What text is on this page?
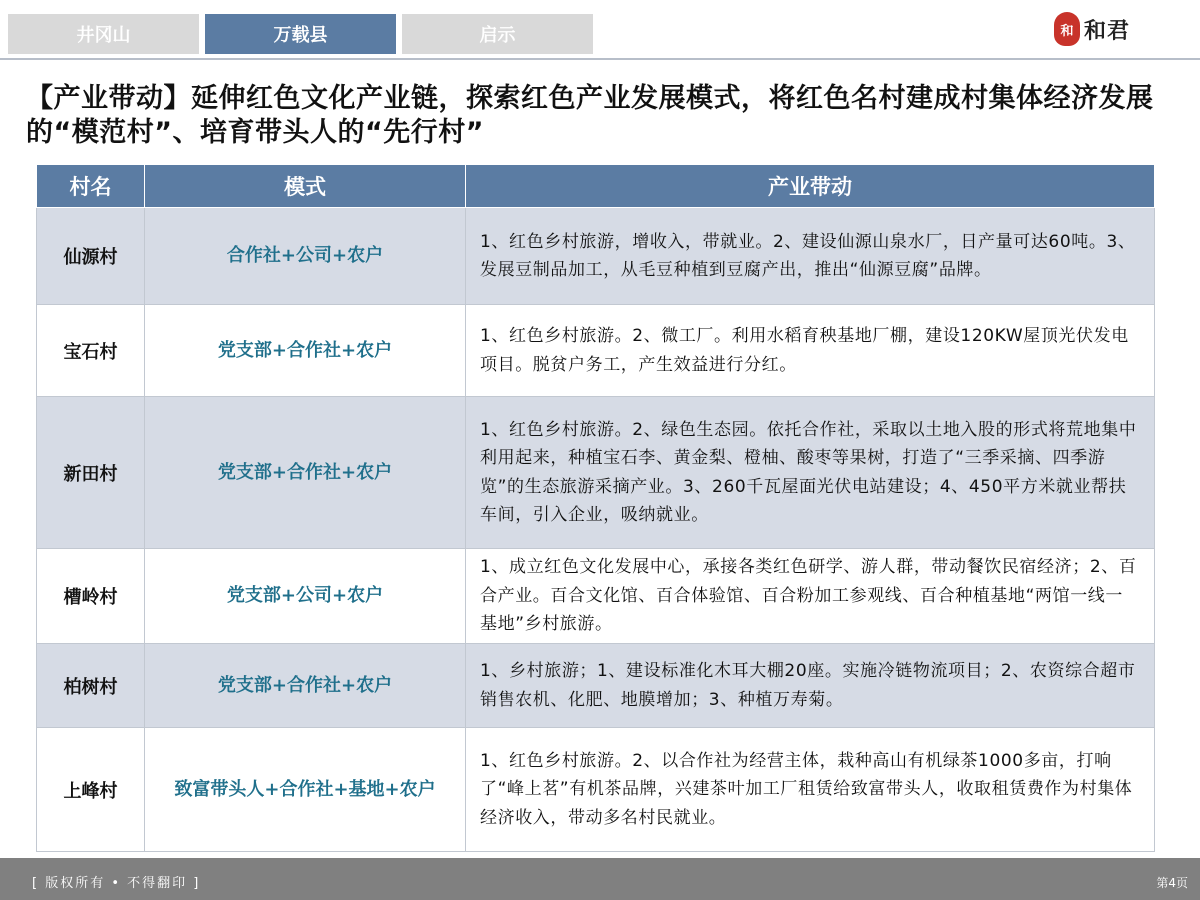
井冈山	万载县	启示	和 和君
【产业带动】延伸红色文化产业链，探索红色产业发展模式，将红色名村建成村集体经济发展的“模范村”、培育带头人的“先行村”
村名	模式	产业带动
仙源村	合作社+公司+农户	1、红色乡村旅游，增收入，带就业。2、建设仙源山泉水厂，日产量可达60吨。3、发展豆制品加工，从毛豆种植到豆腐产出，推出“仙源豆腐”品牌。
宝石村	党支部+合作社+农户	1、红色乡村旅游。2、微工厂。利用水稻育秧基地厂棚，建设120KW屋顶光伏发电项目。脱贫户务工，产生效益进行分红。
新田村	党支部+合作社+农户	1、红色乡村旅游。2、绿色生态园。依托合作社，采取以土地入股的形式将荒地集中利用起来，种植宝石李、黄金梨、橙柚、酸枣等果树，打造了“三季采摘、四季游览”的生态旅游采摘产业。3、260千瓦屋面光伏电站建设；4、450平方米就业帮扶车间，引入企业，吸纳就业。
槽岭村	党支部+公司+农户	1、成立红色文化发展中心，承接各类红色研学、游人群，带动餐饮民宿经济；2、百合产业。百合文化馆、百合体验馆、百合粉加工参观线、百合种植基地“两馆一线一基地”乡村旅游。
柏树村	党支部+合作社+农户	1、乡村旅游；1、建设标准化木耳大棚20座。实施冷链物流项目；2、农资综合超市销售农机、化肥、地膜增加；3、种植万寿菊。
上峰村	致富带头人+合作社+基地+农户	1、红色乡村旅游。2、以合作社为经营主体，栽种高山有机绿茶1000多亩，打响了“峰上茗”有机茶品牌，兴建茶叶加工厂租赁给致富带头人，收取租赁费作为村集体经济收入，带动多名村民就业。
[ 版权所有 • 不得翻印 ]	第4页
